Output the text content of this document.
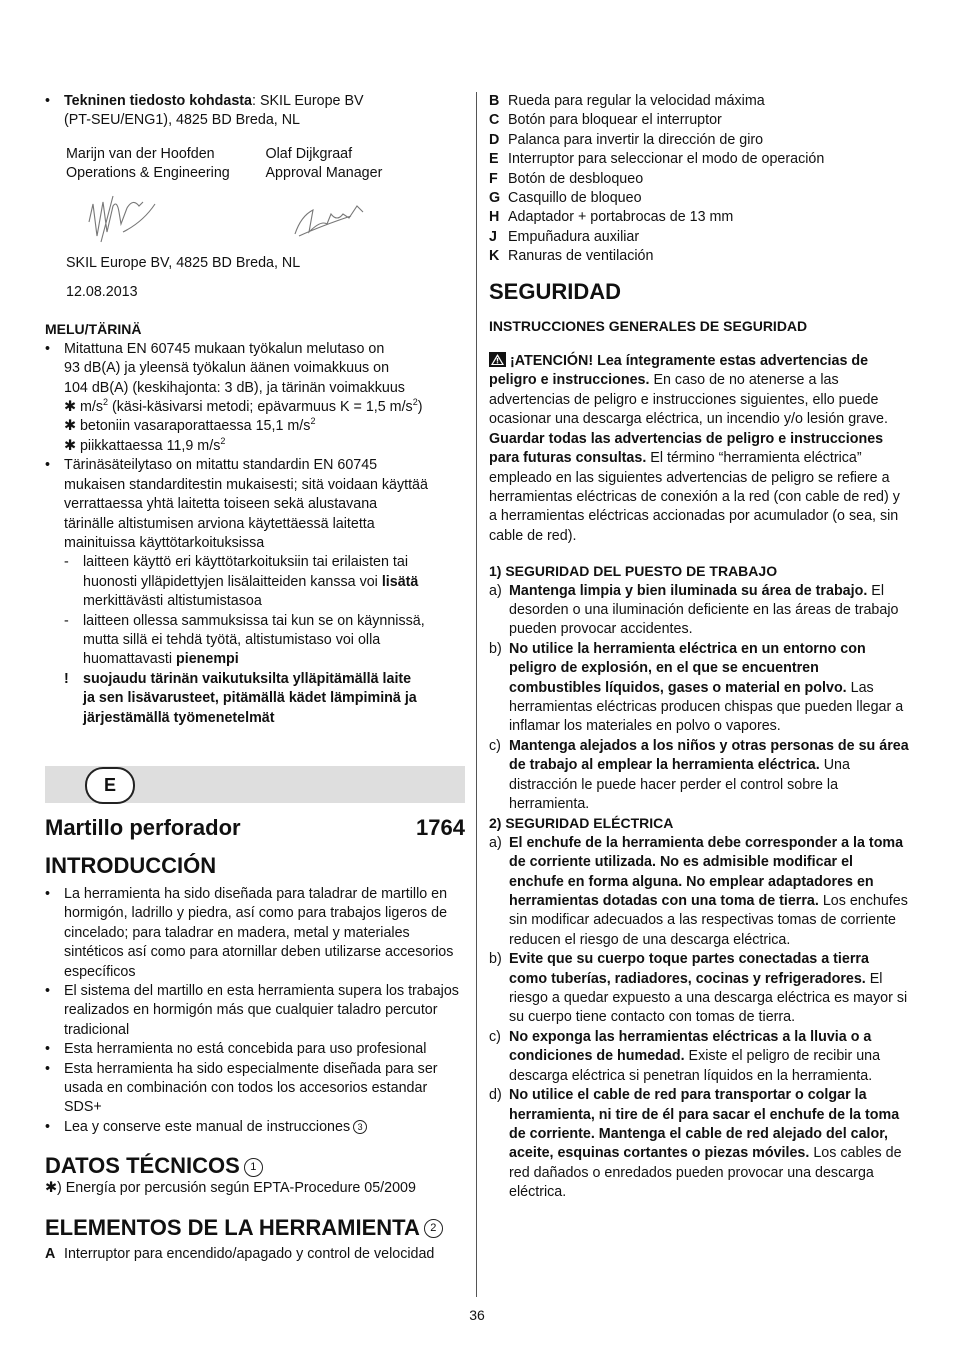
• Tekninen tiedosto kohdasta: SKIL Europe BV
(PT-SEU/ENG1), 4825 BD Breda, NL
Marijn van der Hoofden
Operations & Engineering
Olaf Dijkgraaf
Approval Manager
SKIL Europe BV, 4825 BD Breda, NL
12.08.2013
MELU/TÄRINÄ
• Mitattuna EN 60745 mukaan työkalun melutaso on
93 dB(A) ja yleensä työkalun äänen voimakkuus on
104 dB(A) (keskihajonta: 3 dB), ja tärinän voimakkuus
✱ $m/s^2$ (käsi-käsivarsi metodi; epävarmuus K = 1,5 $m/s^2$)
✱ betoniin vasaraporattaessa 15,1 $m/s^2$
✱ piikkattaessa 11,9 $m/s^2$
• Tärinäsäteilytaso on mitattu standardin EN 60745
mukaisen standarditestin mukaisesti; sitä voidaan käyttää
verrattaessa yhtä laitetta toiseen sekä alustavana
tärinälle altistumisen arviona käytettäessä laitetta
mainituissa käyttötarkoituksissa
- laitteen käyttö eri käyttötarkoituksiin tai erilaisten tai
huonosti ylläpidettyjen lisälaitteiden kanssa voi lisätä
merkittävästi altistumistasoa
- laitteen ollessa sammuksissa tai kun se on käynnissä,
mutta sillä ei tehdä työtä, altistumistaso voi olla
huomattavasti pienempi
! suojaudu tärinän vaikutuksilta ylläpitämällä laite
ja sen lisävarusteet, pitämällä kädet lämpiminä ja
järjestämällä työmenetelmät
E
Martillo perforador	1764
INTRODUCCIÓN
• La herramienta ha sido diseñada para taladrar de martillo en hormigón, ladrillo y piedra, así como para trabajos ligeros de cincelado; para taladrar en madera, metal y materiales sintéticos así como para atornillar deben utilizarse accesorios específicos
• El sistema del martillo en esta herramienta supera los trabajos realizados en hormigón más que cualquier taladro percutor tradicional
• Esta herramienta no está concebida para uso profesional
• Esta herramienta ha sido especialmente diseñada para ser usada en combinación con todos los accesorios estandar SDS+
• Lea y conserve este manual de instrucciones 3
DATOS TÉCNICOS 1
✱) Energía por percusión según EPTA-Procedure 05/2009
ELEMENTOS DE LA HERRAMIENTA 2
A Interruptor para encendido/apagado y control de velocidad
B Rueda para regular la velocidad máxima
C Botón para bloquear el interruptor
D Palanca para invertir la dirección de giro
E Interruptor para seleccionar el modo de operación
F Botón de desbloqueo
G Casquillo de bloqueo
H Adaptador + portabrocas de 13 mm
J Empuñadura auxiliar
K Ranuras de ventilación
SEGURIDAD
INSTRUCCIONES GENERALES DE SEGURIDAD

¡ATENCIÓN! Lea íntegramente estas advertencias de peligro e instrucciones. En caso de no atenerse a las advertencias de peligro e instrucciones siguientes, ello puede ocasionar una descarga eléctrica, un incendio y/o lesión grave. Guardar todas las advertencias de peligro e instrucciones para futuras consultas. El término “herramienta eléctrica” empleado en las siguientes advertencias de peligro se refiere a herramientas eléctricas de conexión a la red (con cable de red) y a herramientas eléctricas accionadas por acumulador (o sea, sin cable de red).

1) SEGURIDAD DEL PUESTO DE TRABAJO
a) Mantenga limpia y bien iluminada su área de trabajo. El desorden o una iluminación deficiente en las áreas de trabajo pueden provocar accidentes.
b) No utilice la herramienta eléctrica en un entorno con peligro de explosión, en el que se encuentren combustibles líquidos, gases o material en polvo. Las herramientas eléctricas producen chispas que pueden llegar a inflamar los materiales en polvo o vapores.
c) Mantenga alejados a los niños y otras personas de su área de trabajo al emplear la herramienta eléctrica. Una distracción le puede hacer perder el control sobre la herramienta.
2) SEGURIDAD ELÉCTRICA
a) El enchufe de la herramienta debe corresponder a la toma de corriente utilizada. No es admisible modificar el enchufe en forma alguna. No emplear adaptadores en herramientas dotadas con una toma de tierra. Los enchufes sin modificar adecuados a las respectivas tomas de corriente reducen el riesgo de una descarga eléctrica.
b) Evite que su cuerpo toque partes conectadas a tierra como tuberías, radiadores, cocinas y refrigeradores. El riesgo a quedar expuesto a una descarga eléctrica es mayor si su cuerpo tiene contacto con tomas de tierra.
c) No exponga las herramientas eléctricas a la lluvia o a condiciones de humedad. Existe el peligro de recibir una descarga eléctrica si penetran líquidos en la herramienta.
d) No utilice el cable de red para transportar o colgar la herramienta, ni tire de él para sacar el enchufe de la toma de corriente. Mantenga el cable de red alejado del calor, aceite, esquinas cortantes o piezas móviles. Los cables de red dañados o enredados pueden provocar una descarga eléctrica.
36
